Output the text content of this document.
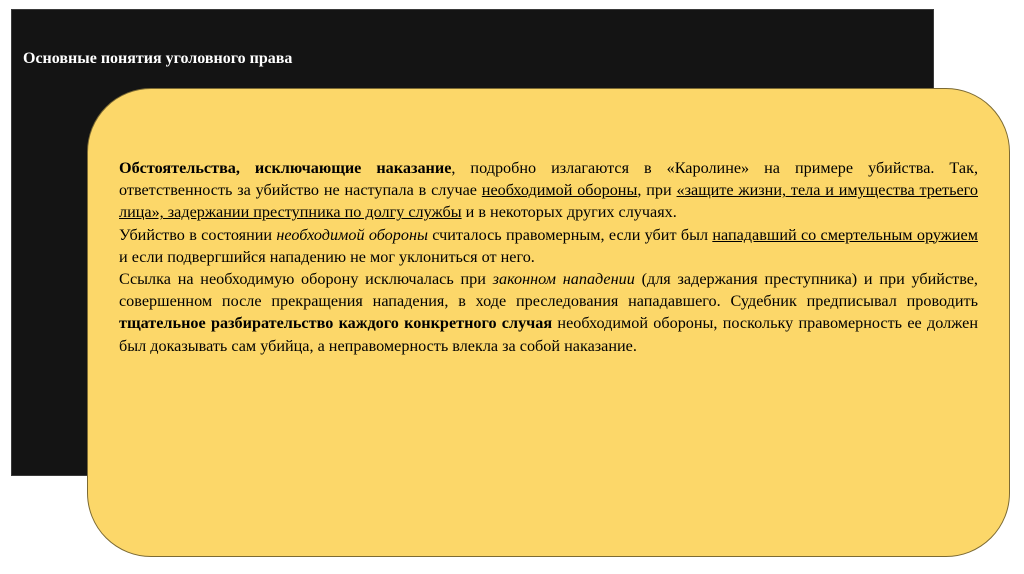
Основные понятия уголовного права

Обстоятельства, исключающие наказание, подробно излагаются в «Каролине» на примере убийства. Так, ответственность за убийство не наступала в случае необходимой обороны, при «защите жизни, тела и имущества третьего лица», задержании преступника по долгу службы и в некоторых других случаях.

Убийство в состоянии необходимой обороны считалось правомерным, если убит был нападавший со смертельным оружием и если подвергшийся нападению не мог уклониться от него.

Ссылка на необходимую оборону исключалась при законном нападении (для задержания преступника) и при убийстве, совершенном после прекращения нападения, в ходе преследования нападавшего. Судебник предписывал проводить тщательное разбирательство каждого конкретного случая необходимой обороны, поскольку правомерность ее должен был доказывать сам убийца, а неправомерность влекла за собой наказание.
